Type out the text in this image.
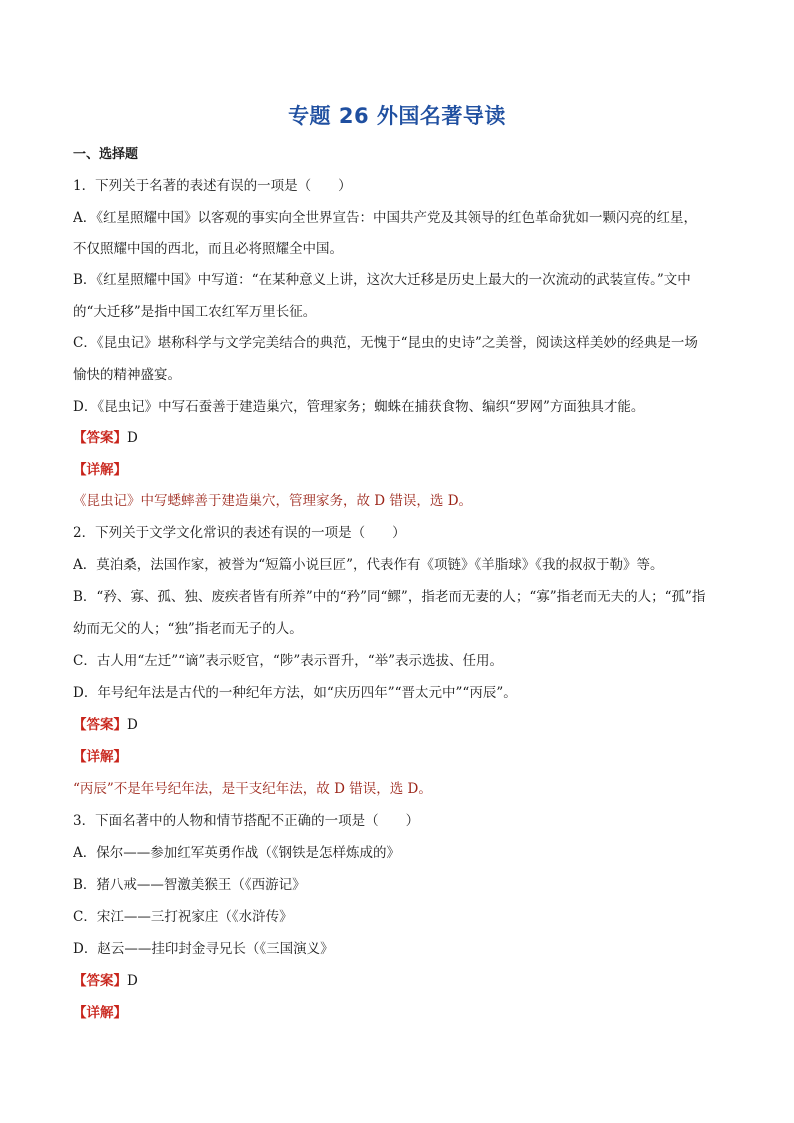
专题 26 外国名著导读
一、选择题
1．下列关于名著的表述有误的一项是（　　）
A．《红星照耀中国》以客观的事实向全世界宣告：中国共产党及其领导的红色革命犹如一颗闪亮的红星，
不仅照耀中国的西北，而且必将照耀全中国。
B．《红星照耀中国》中写道：“在某种意义上讲，这次大迁移是历史上最大的一次流动的武装宣传。”文中
的“大迁移”是指中国工农红军万里长征。
C．《昆虫记》堪称科学与文学完美结合的典范，无愧于“昆虫的史诗”之美誉，阅读这样美妙的经典是一场
愉快的精神盛宴。
D．《昆虫记》中写石蚕善于建造巢穴，管理家务；蜘蛛在捕获食物、编织“罗网”方面独具才能。
【答案】D
【详解】
《昆虫记》中写蟋蟀善于建造巢穴，管理家务，故 D 错误，选 D。
2．下列关于文学文化常识的表述有误的一项是（　　）
A．莫泊桑，法国作家，被誉为“短篇小说巨匠”，代表作有《项链》《羊脂球》《我的叔叔于勒》等。
B．“矜、寡、孤、独、废疾者皆有所养”中的“矜”同“鳏”，指老而无妻的人；“寡”指老而无夫的人；“孤”指
幼而无父的人；“独”指老而无子的人。
C．古人用“左迁”“谪”表示贬官，“陟”表示晋升，“举”表示选拔、任用。
D．年号纪年法是古代的一种纪年方法，如“庆历四年”“晋太元中”“丙辰”。
【答案】D
【详解】
“丙辰”不是年号纪年法，是干支纪年法，故 D 错误，选 D。
3．下面名著中的人物和情节搭配不正确的一项是（　　）
A．保尔——参加红军英勇作战（《钢铁是怎样炼成的》
B．猪八戒——智激美猴王（《西游记》
C．宋江——三打祝家庄（《水浒传》
D．赵云——挂印封金寻兄长（《三国演义》
【答案】D
【详解】
